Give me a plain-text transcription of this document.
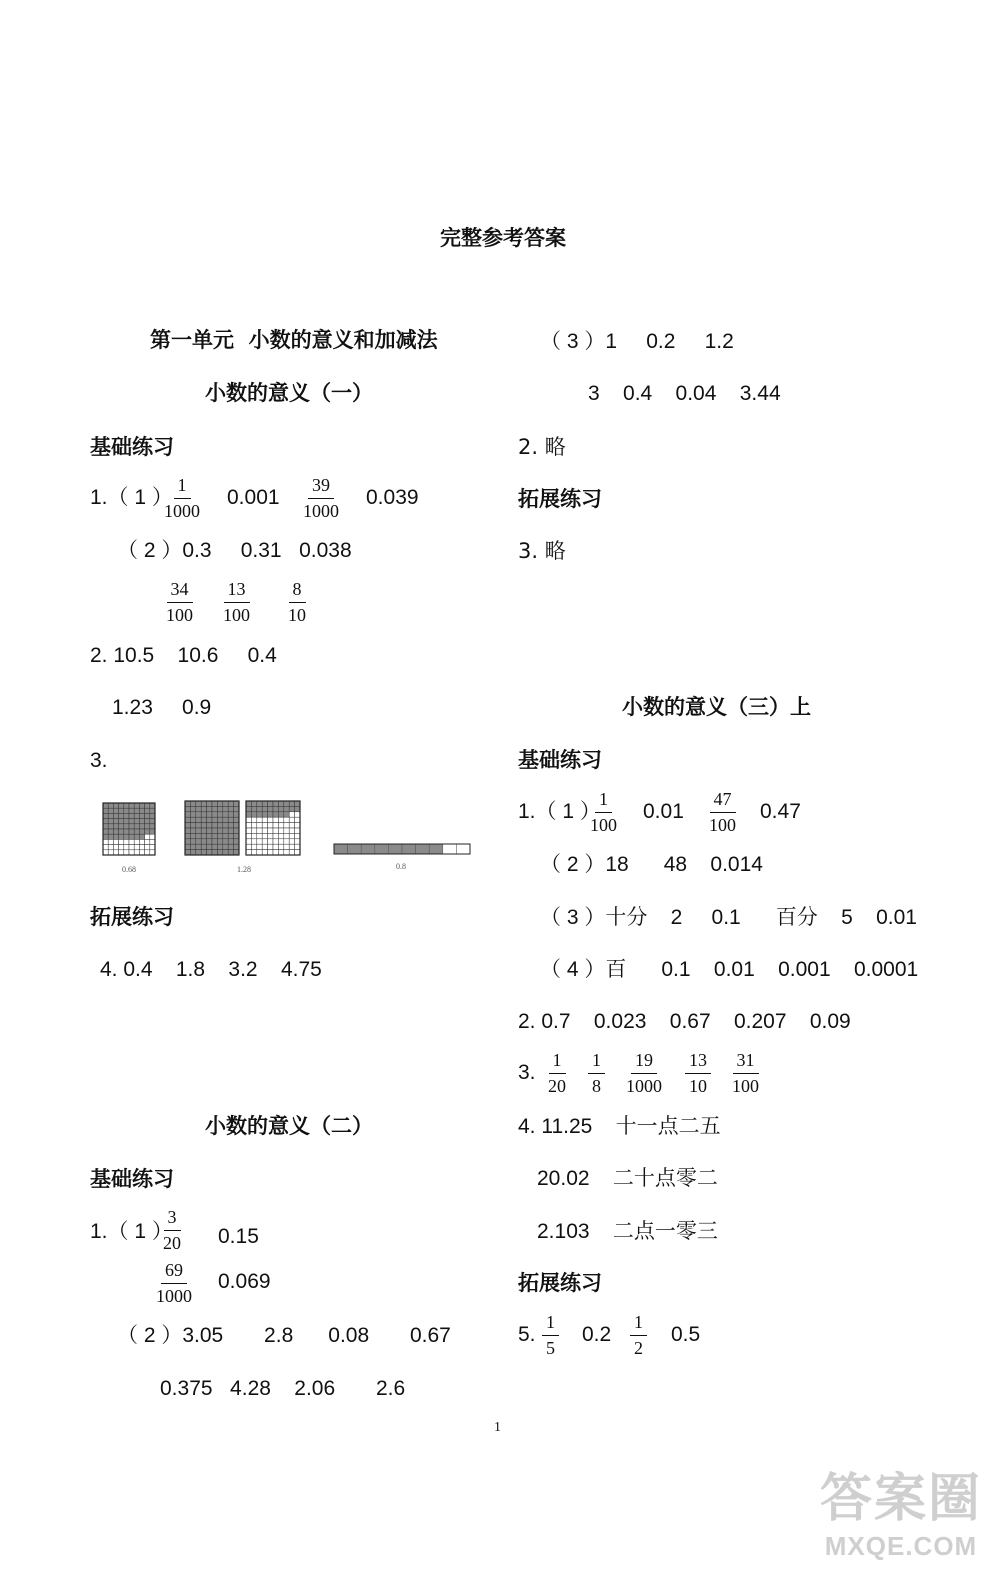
完整参考答案
第一单元  小数的意义和加减法
小数的意义（一）
基础练习
1.（ 1 ）
$\frac{1}{1000} 0.001 \frac{39}{1000} 0.039$
（ 2 ）0.3     0.31   0.038
$\frac{34}{100} \frac{13}{100} \frac{8}{10}$
2. 10.5    10.6     0.4
1.23     0.9
3.
0.68	1.28	0.8
拓展练习
4. 0.4    1.8    3.2    4.75
小数的意义（二）
基础练习
1.（ 1 ）
$\frac{3}{20} 0.15$
$\frac{69}{1000} 0.069$
（ 2 ）3.05       2.8      0.08       0.67
0.375   4.28    2.06       2.6
（ 3 ）1     0.2     1.2
3    0.4    0.04    3.44
2. 略
拓展练习
3. 略
小数的意义（三）上
基础练习
1.（ 1 ）
$\frac{1}{100} 0.01 \frac{47}{100} 0.47$
（ 2 ）18      48    0.014
（ 3 ）十分    2     0.1      百分    5    0.01
（ 4 ）百      0.1    0.01    0.001    0.0001
2. 0.7    0.023    0.67    0.207    0.09
3. $\frac{1}{20} \frac{1}{8} \frac{19}{1000} \frac{13}{10} \frac{31}{100}$
4. 11.25    十一点二五
20.02    二十点零二
2.103    二点一零三
拓展练习
5. $\frac{1}{5} 0.2 \frac{1}{2} 0.5$
1
答案圈
MXQE.COM
